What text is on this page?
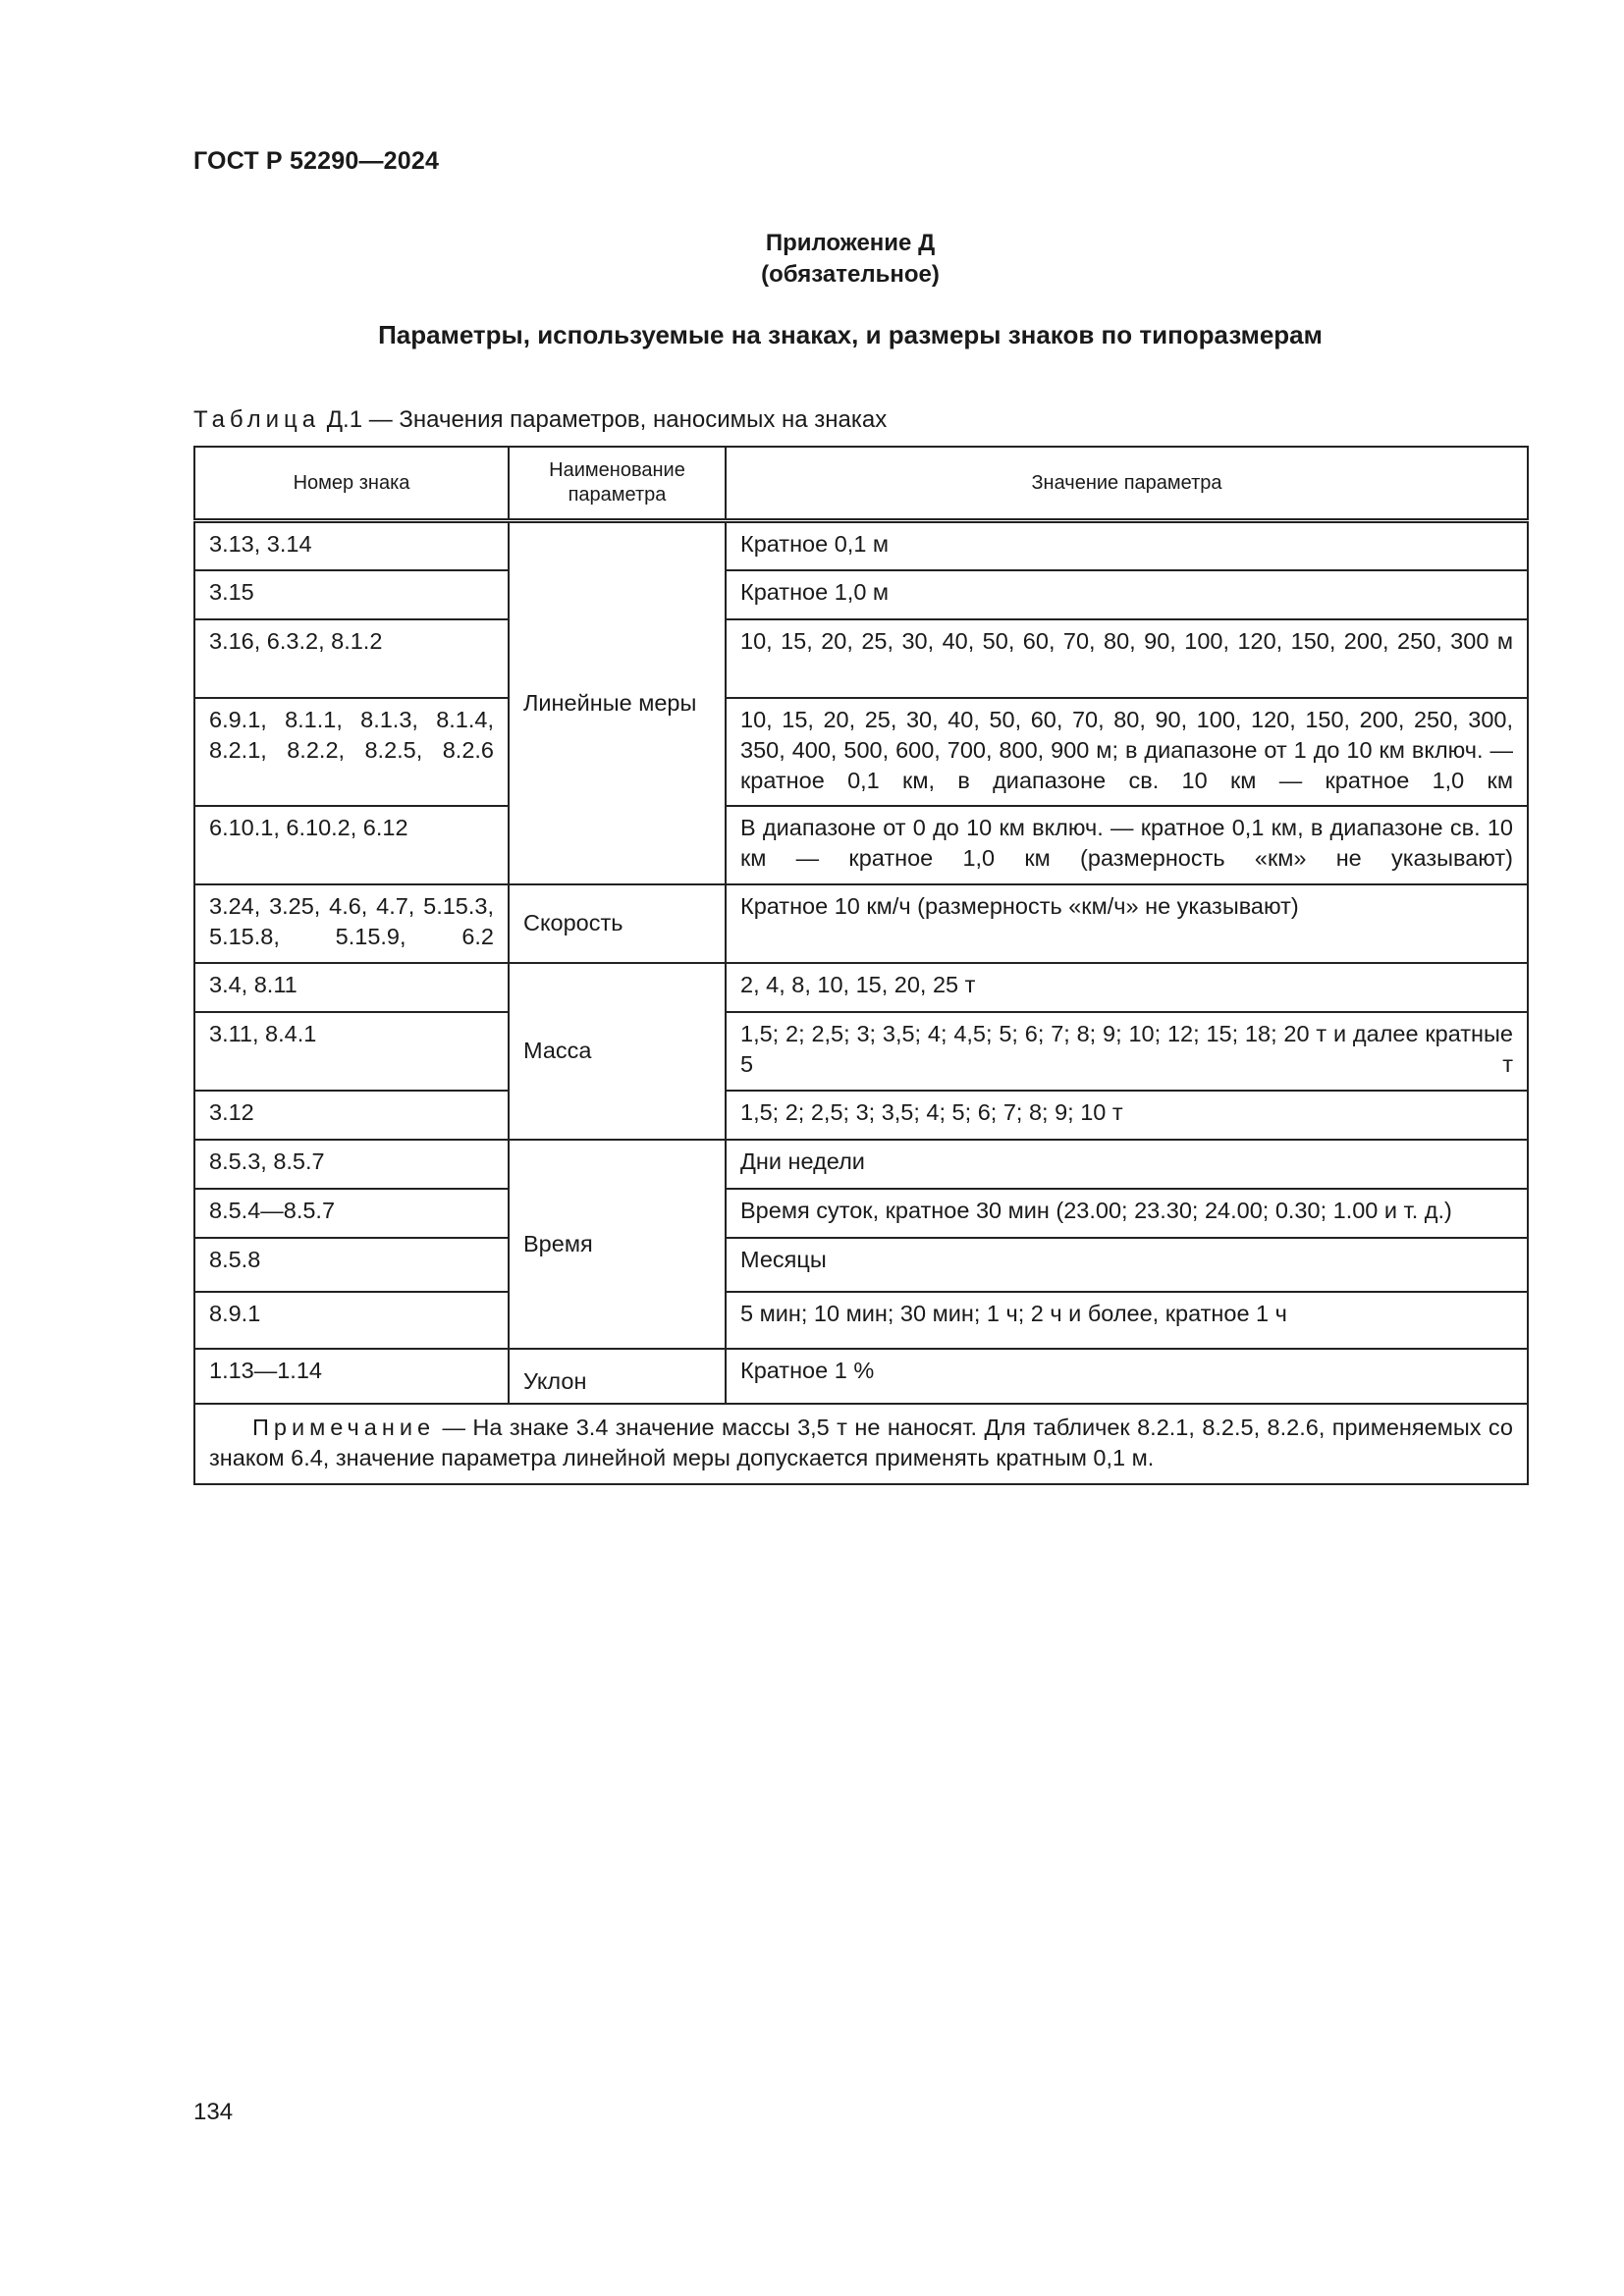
ГОСТ Р 52290—2024
Приложение Д
(обязательное)
Параметры, используемые на знаках, и размеры знаков по типоразмерам
Таблица Д.1 — Значения параметров, наносимых на знаках
Номер знака	Наименование параметра	Значение параметра
3.13, 3.14	Линейные меры	Кратное 0,1 м
3.15		Кратное 1,0 м
3.16, 6.3.2, 8.1.2		10, 15, 20, 25, 30, 40, 50, 60, 70, 80, 90, 100, 120, 150, 200, 250, 300 м
6.9.1, 8.1.1, 8.1.3, 8.1.4, 8.2.1, 8.2.2, 8.2.5, 8.2.6		10, 15, 20, 25, 30, 40, 50, 60, 70, 80, 90, 100, 120, 150, 200, 250, 300, 350, 400, 500, 600, 700, 800, 900 м; в диапазоне от 1 до 10 км включ. — кратное 0,1 км, в диапазоне св. 10 км — кратное 1,0 км
6.10.1, 6.10.2, 6.12		В диапазоне от 0 до 10 км включ. — кратное 0,1 км, в диапазоне св. 10 км — кратное 1,0 км (размерность «км» не указывают)
3.24, 3.25, 4.6, 4.7, 5.15.3, 5.15.8, 5.15.9, 6.2	Скорость	Кратное 10 км/ч (размерность «км/ч» не указывают)
3.4, 8.11	Масса	2, 4, 8, 10, 15, 20, 25 т
3.11, 8.4.1		1,5; 2; 2,5; 3; 3,5; 4; 4,5; 5; 6; 7; 8; 9; 10; 12; 15; 18; 20 т и далее кратные 5 т
3.12		1,5; 2; 2,5; 3; 3,5; 4; 5; 6; 7; 8; 9; 10 т
8.5.3, 8.5.7	Время	Дни недели
8.5.4—8.5.7		Время суток, кратное 30 мин (23.00; 23.30; 24.00; 0.30; 1.00 и т. д.)
8.5.8		Месяцы
8.9.1		5 мин; 10 мин; 30 мин; 1 ч; 2 ч и более, кратное 1 ч
1.13—1.14	Уклон	Кратное 1 %
Примечание — На знаке 3.4 значение массы 3,5 т не наносят. Для табличек 8.2.1, 8.2.5, 8.2.6, применяемых со знаком 6.4, значение параметра линейной меры допускается применять кратным 0,1 м.		
134
